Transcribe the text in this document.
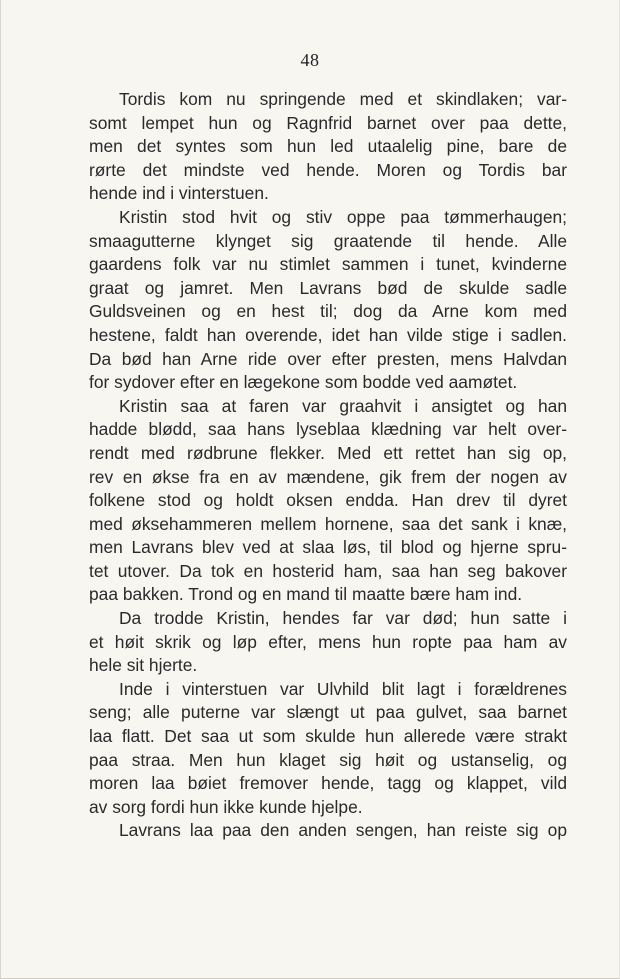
48
Tordis kom nu springende med et skindlaken; var-
somt lempet hun og Ragnfrid barnet over paa dette,
men det syntes som hun led utaalelig pine, bare de
rørte det mindste ved hende. Moren og Tordis bar
hende ind i vinterstuen.
Kristin stod hvit og stiv oppe paa tømmerhaugen;
smaagutterne klynget sig graatende til hende. Alle
gaardens folk var nu stimlet sammen i tunet, kvinderne
graat og jamret. Men Lavrans bød de skulde sadle
Guldsveinen og en hest til; dog da Arne kom med
hestene, faldt han overende, idet han vilde stige i sadlen.
Da bød han Arne ride over efter presten, mens Halvdan
for sydover efter en lægekone som bodde ved aamøtet.
Kristin saa at faren var graahvit i ansigtet og han
hadde blødd, saa hans lyseblaa klædning var helt over-
rendt med rødbrune flekker. Med ett rettet han sig op,
rev en økse fra en av mændene, gik frem der nogen av
folkene stod og holdt oksen endda. Han drev til dyret
med øksehammeren mellem hornene, saa det sank i knæ,
men Lavrans blev ved at slaa løs, til blod og hjerne spru-
tet utover. Da tok en hosterid ham, saa han seg bakover
paa bakken. Trond og en mand til maatte bære ham ind.
Da trodde Kristin, hendes far var død; hun satte i
et høit skrik og løp efter, mens hun ropte paa ham av
hele sit hjerte.
Inde i vinterstuen var Ulvhild blit lagt i forældrenes
seng; alle puterne var slængt ut paa gulvet, saa barnet
laa flatt. Det saa ut som skulde hun allerede være strakt
paa straa. Men hun klaget sig høit og ustanselig, og
moren laa bøiet fremover hende, tagg og klappet, vild
av sorg fordi hun ikke kunde hjelpe.
Lavrans laa paa den anden sengen, han reiste sig op
